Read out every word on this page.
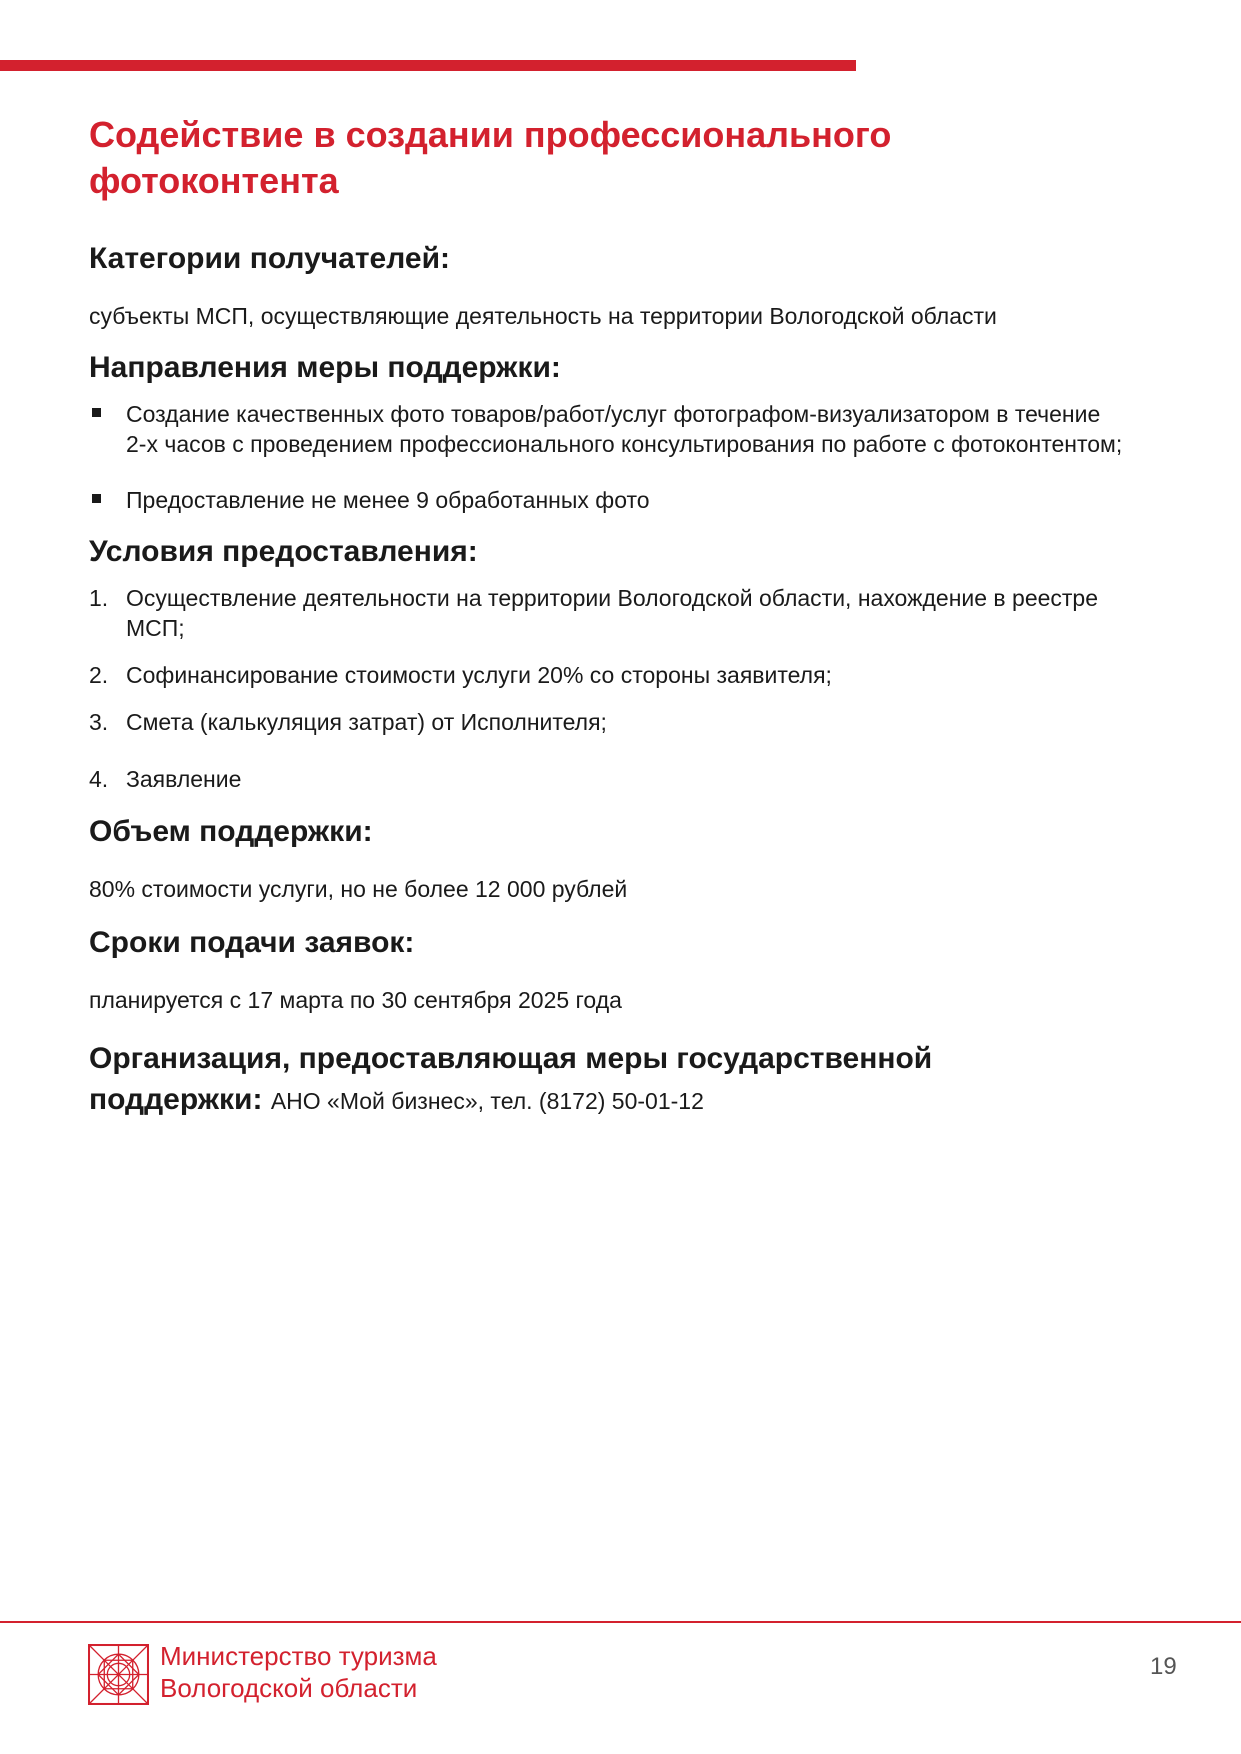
Содействие в создании профессионального фотоконтента
Категории получателей:

субъекты МСП, осуществляющие деятельность на территории Вологодской области

Направления меры поддержки:
Создание качественных фото товаров/работ/услуг фотографом-визуализатором в течение 2-х часов с проведением профессионального консультирования по работе с фотоконтентом;
Предоставление не менее 9 обработанных фото
Условия предоставления:
1. Осуществление деятельности на территории Вологодской области, нахождение в реестре МСП;
2. Софинансирование стоимости услуги 20% со стороны заявителя;
3. Смета (калькуляция затрат) от Исполнителя;
4. Заявление
Объем поддержки:

80% стоимости услуги, но не более 12 000 рублей

Сроки подачи заявок:

планируется с 17 марта по 30 сентября 2025 года

Организация, предоставляющая меры государственной поддержки: АНО «Мой бизнес», тел. (8172) 50-01-12

Министерство туризма
Вологодской области
19
